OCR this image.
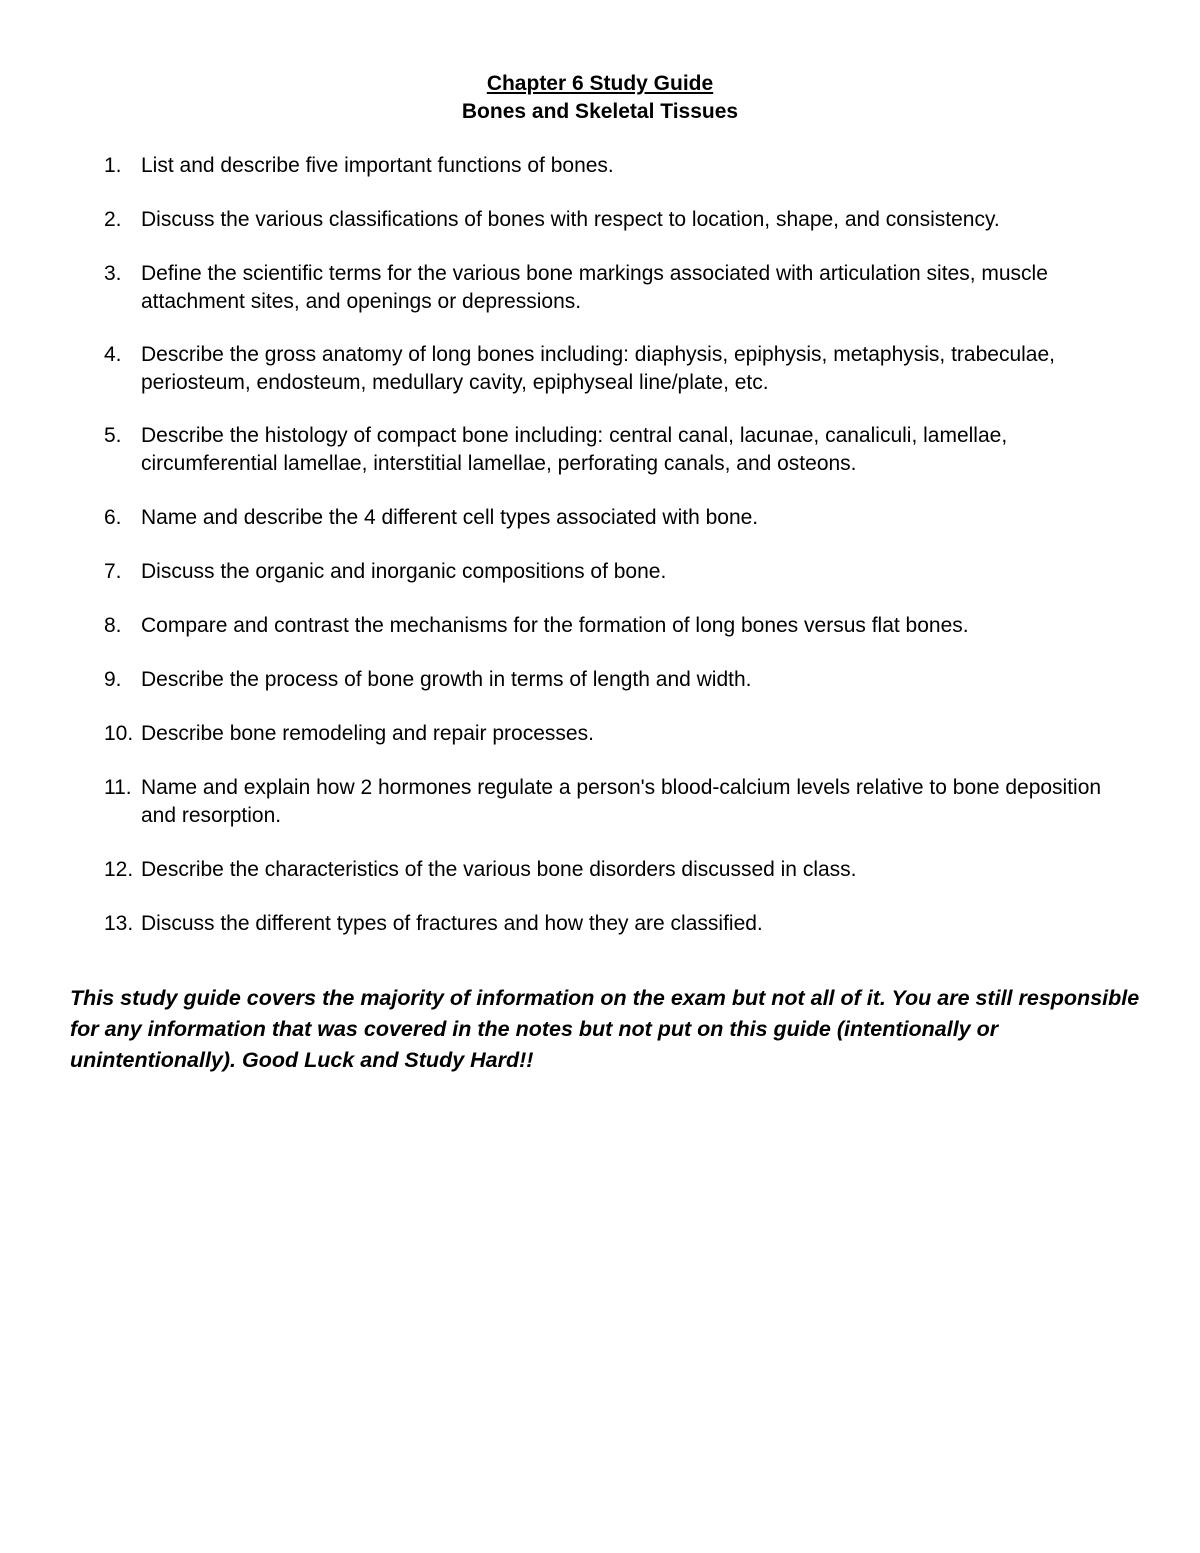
Chapter 6 Study Guide
Bones and Skeletal Tissues
1. List and describe five important functions of bones.
2. Discuss the various classifications of bones with respect to location, shape, and consistency.
3. Define the scientific terms for the various bone markings associated with articulation sites, muscle attachment sites, and openings or depressions.
4. Describe the gross anatomy of long bones including: diaphysis, epiphysis, metaphysis, trabeculae, periosteum, endosteum, medullary cavity, epiphyseal line/plate, etc.
5. Describe the histology of compact bone including: central canal, lacunae, canaliculi, lamellae, circumferential lamellae, interstitial lamellae, perforating canals, and osteons.
6. Name and describe the 4 different cell types associated with bone.
7. Discuss the organic and inorganic compositions of bone.
8. Compare and contrast the mechanisms for the formation of long bones versus flat bones.
9. Describe the process of bone growth in terms of length and width.
10. Describe bone remodeling and repair processes.
11. Name and explain how 2 hormones regulate a person's blood-calcium levels relative to bone deposition and resorption.
12. Describe the characteristics of the various bone disorders discussed in class.
13. Discuss the different types of fractures and how they are classified.
This study guide covers the majority of information on the exam but not all of it. You are still responsible for any information that was covered in the notes but not put on this guide (intentionally or unintentionally). Good Luck and Study Hard!!
